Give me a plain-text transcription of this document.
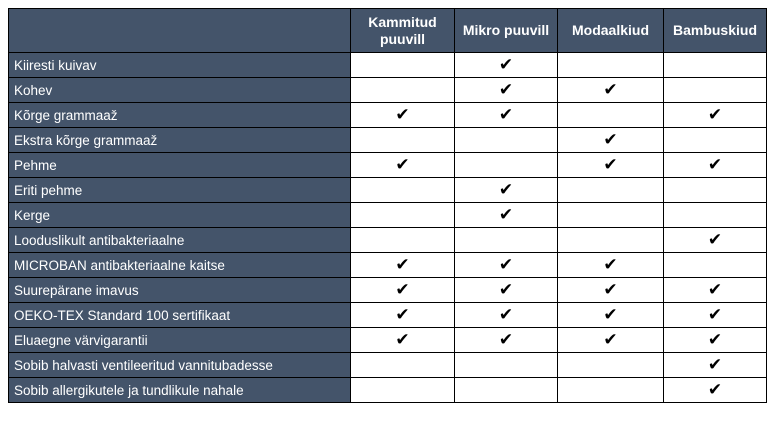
	Kammitud puuvill	Mikro puuvill	Modaalkiud	Bambuskiud
Kiiresti kuivav		✔		
Kohev		✔	✔	
Kõrge grammaaž	✔	✔		✔
Ekstra kõrge grammaaž			✔	
Pehme	✔		✔	✔
Eriti pehme		✔		
Kerge		✔		
Looduslikult antibakteriaalne				✔
MICROBAN antibakteriaalne kaitse	✔	✔	✔	
Suurepärane imavus	✔	✔	✔	✔
OEKO-TEX Standard 100 sertifikaat	✔	✔	✔	✔
Eluaegne värvigarantii	✔	✔	✔	✔
Sobib halvasti ventileeritud vannitubadesse				✔
Sobib allergikutele ja tundlikule nahale				✔
